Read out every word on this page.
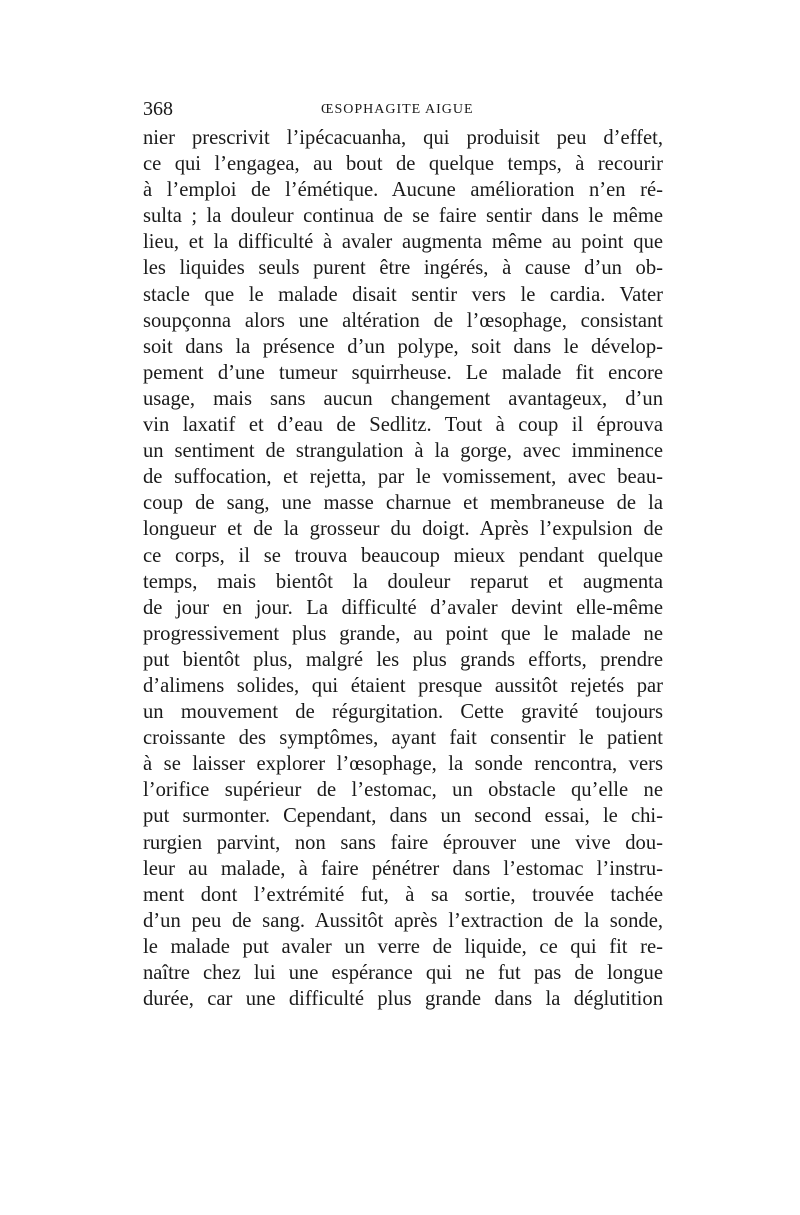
368	ŒSOPHAGITE AIGUE
nier prescrivit l’ipécacuanha, qui produisit peu d’effet,
ce qui l’engagea, au bout de quelque temps, à recourir
à l’emploi de l’émétique. Aucune amélioration n’en ré-
sulta ; la douleur continua de se faire sentir dans le même
lieu, et la difficulté à avaler augmenta même au point que
les liquides seuls purent être ingérés, à cause d’un ob-
stacle que le malade disait sentir vers le cardia. Vater
soupçonna alors une altération de l’œsophage, consistant
soit dans la présence d’un polype, soit dans le dévelop-
pement d’une tumeur squirrheuse. Le malade fit encore
usage, mais sans aucun changement avantageux, d’un
vin laxatif et d’eau de Sedlitz. Tout à coup il éprouva
un sentiment de strangulation à la gorge, avec imminence
de suffocation, et rejetta, par le vomissement, avec beau-
coup de sang, une masse charnue et membraneuse de la
longueur et de la grosseur du doigt. Après l’expulsion de
ce corps, il se trouva beaucoup mieux pendant quelque
temps, mais bientôt la douleur reparut et augmenta
de jour en jour. La difficulté d’avaler devint elle-même
progressivement plus grande, au point que le malade ne
put bientôt plus, malgré les plus grands efforts, prendre
d’alimens solides, qui étaient presque aussitôt rejetés par
un mouvement de régurgitation. Cette gravité toujours
croissante des symptômes, ayant fait consentir le patient
à se laisser explorer l’œsophage, la sonde rencontra, vers
l’orifice supérieur de l’estomac, un obstacle qu’elle ne
put surmonter. Cependant, dans un second essai, le chi-
rurgien parvint, non sans faire éprouver une vive dou-
leur au malade, à faire pénétrer dans l’estomac l’instru-
ment dont l’extrémité fut, à sa sortie, trouvée tachée
d’un peu de sang. Aussitôt après l’extraction de la sonde,
le malade put avaler un verre de liquide, ce qui fit re-
naître chez lui une espérance qui ne fut pas de longue
durée, car une difficulté plus grande dans la déglutition
